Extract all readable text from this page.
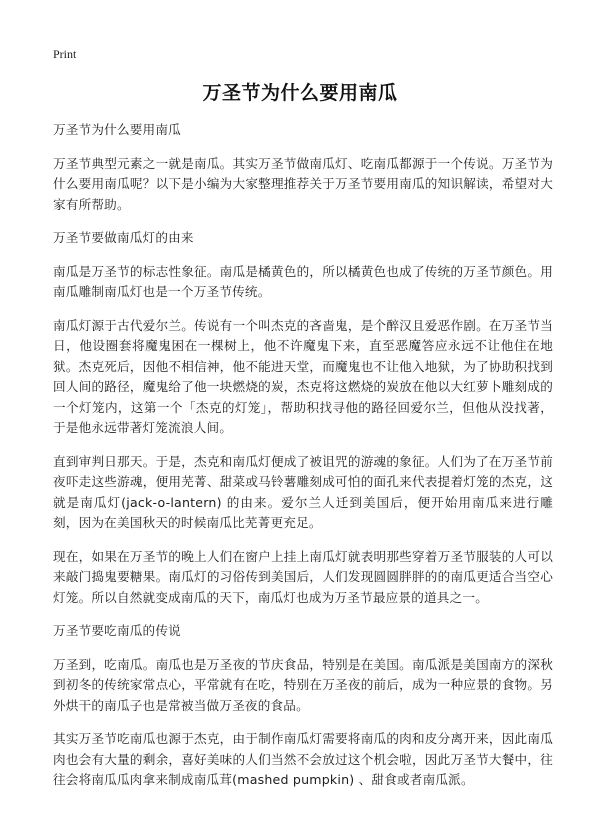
Print
万圣节为什么要用南瓜

万圣节为什么要用南瓜

万圣节典型元素之一就是南瓜。其实万圣节做南瓜灯、吃南瓜都源于一个传说。万圣节为什么要用南瓜呢？以下是小编为大家整理推荐关于万圣节要用南瓜的知识解读，希望对大家有所帮助。

万圣节要做南瓜灯的由来

南瓜是万圣节的标志性象征。南瓜是橘黄色的，所以橘黄色也成了传统的万圣节颜色。用南瓜雕制南瓜灯也是一个万圣节传统。

南瓜灯源于古代爱尔兰。传说有一个叫杰克的吝啬鬼，是个醉汉且爱恶作剧。在万圣节当日，他设圈套将魔鬼困在一棵树上，他不许魔鬼下来，直至恶魔答应永远不让他住在地狱。杰克死后，因他不相信神，他不能进天堂，而魔鬼也不让他入地狱，为了协助积找到回人间的路径，魔鬼给了他一块燃烧的炭，杰克将这燃烧的炭放在他以大红萝卜雕刻成的一个灯笼内，这第一个「杰克的灯笼」，帮助积找寻他的路径回爱尔兰，但他从没找著，于是他永远带著灯笼流浪人间。

直到审判日那天。于是，杰克和南瓜灯便成了被诅咒的游魂的象征。人们为了在万圣节前夜吓走这些游魂，便用芜菁、甜菜或马铃薯雕刻成可怕的面孔来代表提着灯笼的杰克，这就是南瓜灯(jack-o-lantern) 的由来。爱尔兰人迁到美国后，便开始用南瓜来进行雕刻，因为在美国秋天的时候南瓜比芜菁更充足。

现在，如果在万圣节的晚上人们在窗户上挂上南瓜灯就表明那些穿着万圣节服装的人可以来敲门捣鬼要糖果。南瓜灯的习俗传到美国后，人们发现圆圆胖胖的的南瓜更适合当空心灯笼。所以自然就变成南瓜的天下，南瓜灯也成为万圣节最应景的道具之一。

万圣节要吃南瓜的传说

万圣到，吃南瓜。南瓜也是万圣夜的节庆食品，特别是在美国。南瓜派是美国南方的深秋到初冬的传统家常点心，平常就有在吃，特别在万圣夜的前后，成为一种应景的食物。另外烘干的南瓜子也是常被当做万圣夜的食品。

其实万圣节吃南瓜也源于杰克，由于制作南瓜灯需要将南瓜的肉和皮分离开来，因此南瓜肉也会有大量的剩余，喜好美味的人们当然不会放过这个机会啦，因此万圣节大餐中，往往会将南瓜瓜肉拿来制成南瓜茸(mashed pumpkin) 、甜食或者南瓜派。
